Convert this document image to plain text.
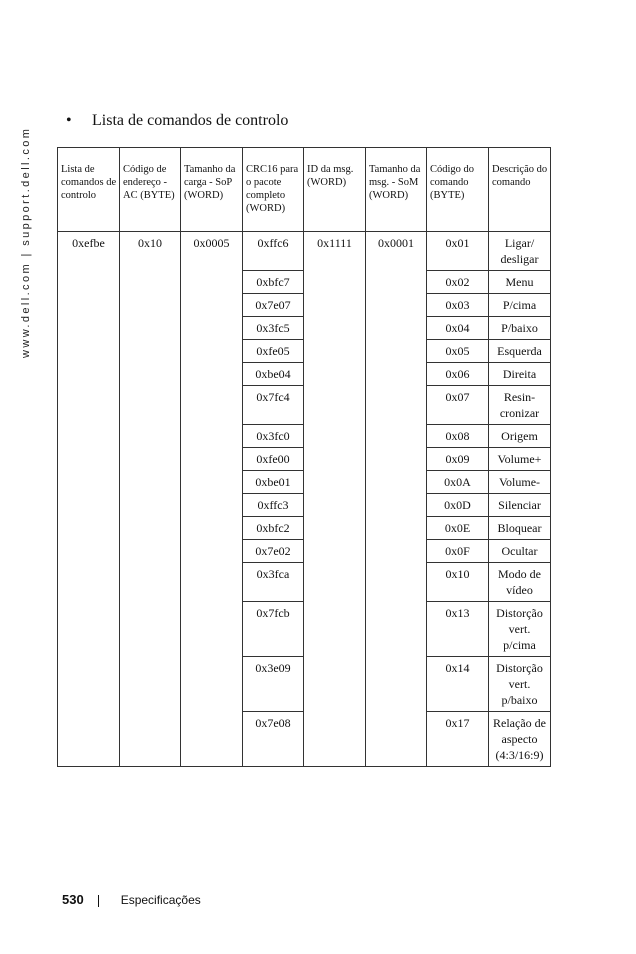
www.dell.com | support.dell.com
• Lista de comandos de controlo
Lista de comandos de controlo	Código de endereço - AC (BYTE)	Tamanho da carga - SoP (WORD)	CRC16 para o pacote completo (WORD)	ID da msg. (WORD)	Tamanho da msg. - SoM (WORD)	Código do comando (BYTE)	Descrição do comando
0xefbe	0x10	0x0005	0xffc6	0x1111	0x0001	0x01	Ligar/ desligar
			0xbfc7			0x02	Menu
			0x7e07			0x03	P/cima
			0x3fc5			0x04	P/baixo
			0xfe05			0x05	Esquerda
			0xbe04			0x06	Direita
			0x7fc4			0x07	Resin- cronizar
			0x3fc0			0x08	Origem
			0xfe00			0x09	Volume+
			0xbe01			0x0A	Volume-
			0xffc3			0x0D	Silenciar
			0xbfc2			0x0E	Bloquear
			0x7e02			0x0F	Ocultar
			0x3fca			0x10	Modo de vídeo
			0x7fcb			0x13	Distorção vert. p/cima
			0x3e09			0x14	Distorção vert. p/baixo
			0x7e08			0x17	Relação de aspecto (4:3/16:9)
530	Especificações
